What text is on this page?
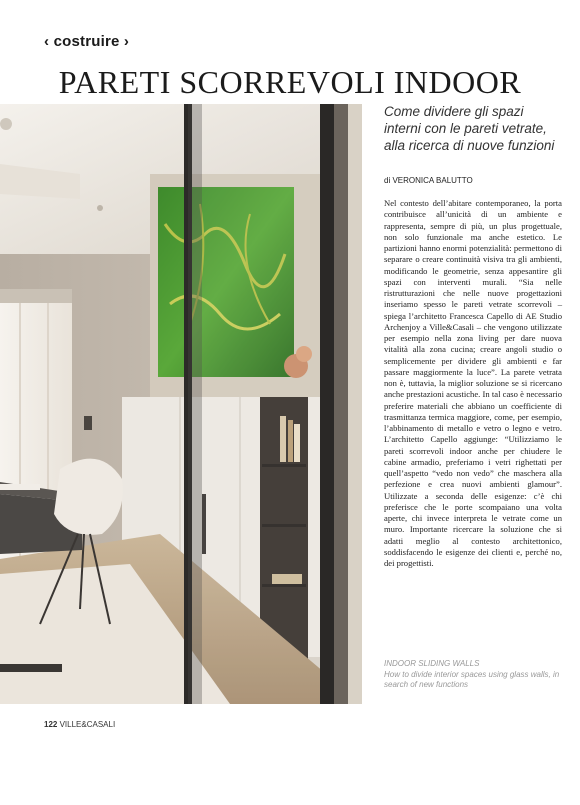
‹ costruire ›
PARETI SCORREVOLI INDOOR
‹ 1 ›
Come dividere gli spazi interni con le pareti vetrate, alla ricerca di nuove funzioni
di VERONICA BALUTTO

Nel contesto dell’abitare contemporaneo, la porta contribuisce all’unicità di un ambiente e rappresenta, sempre di più, un plus progettuale, non solo funzionale ma anche estetico. Le partizioni hanno enormi potenzialità: permettono di separare o creare continuità visiva tra gli ambienti, modificando le geometrie, senza appesantire gli spazi con interventi murali. “Sia nelle ristrutturazioni che nelle nuove progettazioni inseriamo spesso le pareti vetrate scorrevoli – spiega l’architetto Francesca Capello di AE Studio Archenjoy a Ville&Casali – che vengono utilizzate per esempio nella zona living per dare nuova vitalità alla zona cucina; creare angoli studio o semplicemente per dividere gli ambienti e far passare maggiormente la luce”. La parete vetrata non è, tuttavia, la miglior soluzione se si ricercano anche prestazioni acustiche. In tal caso è necessario preferire materiali che abbiano un coefficiente di trasmittanza termica maggiore, come, per esempio, l’abbinamento di metallo e vetro o legno e vetro. L’architetto Capello aggiunge: “Utilizziamo le pareti scorrevoli indoor anche per chiudere le cabine armadio, preferiamo i vetri righettati per quell’aspetto “vedo non vedo” che maschera alla perfezione e crea nuovi ambienti glamour”. Utilizzate a seconda delle esigenze: c’è chi preferisce che le porte scompaiano una volta aperte, chi invece interpreta le vetrate come un muro. Importante ricercare la soluzione che si adatti meglio al contesto architettonico, soddisfacendo le esigenze dei clienti e, perché no, dei progettisti.

INDOOR SLIDING WALLS
How to divide interior spaces using glass walls, in search of new functions
122 VILLE&CASALI
